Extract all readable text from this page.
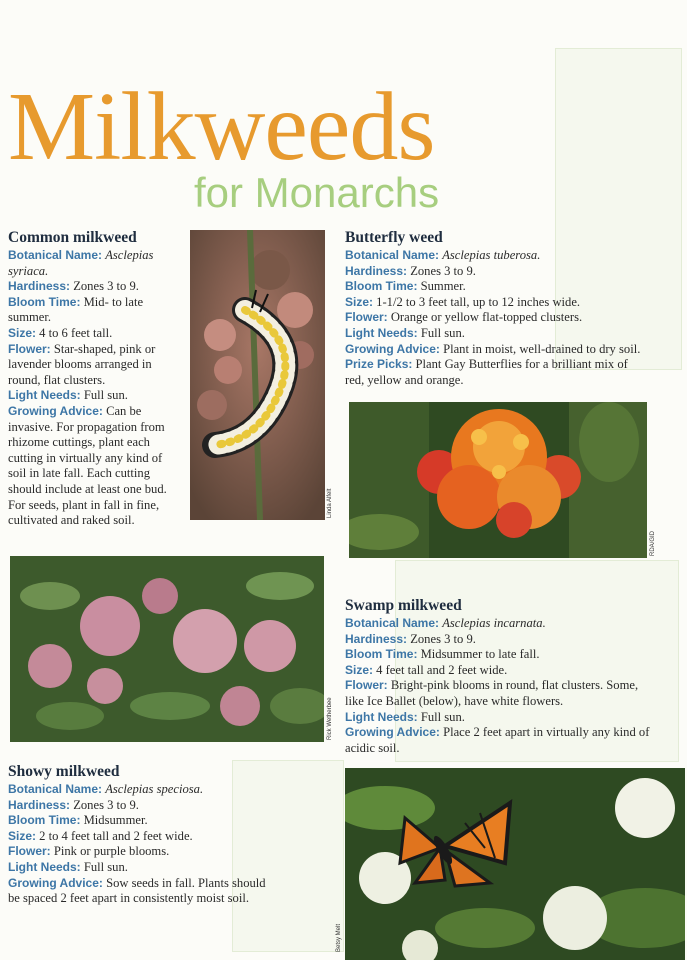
Milkweeds
for Monarchs
Common milkweed

Botanical Name: Asclepias syriaca.

Hardiness: Zones 3 to 9.

Bloom Time: Mid- to late summer.

Size: 4 to 6 feet tall.

Flower: Star-shaped, pink or lavender blooms arranged in round, flat clusters.

Light Needs: Full sun.

Growing Advice: Can be invasive. For propagation from rhizome cuttings, plant each cutting in virtually any kind of soil in late fall. Each cutting should include at least one bud. For seeds, plant in fall in fine, cultivated and raked soil.

Linda Alfelt
Butterfly weed

Botanical Name: Asclepias tuberosa.

Hardiness: Zones 3 to 9.

Bloom Time: Summer.

Size: 1-1/2 to 3 feet tall, up to 12 inches wide.

Flower: Orange or yellow flat-topped clusters.

Light Needs: Full sun.

Growing Advice: Plant in moist, well-drained to dry soil.

Prize Picks: Plant Gay Butterflies for a brilliant mix of red, yellow and orange.

RDA/GID
Rick Wetherbee
Swamp milkweed

Botanical Name: Asclepias incarnata.

Hardiness: Zones 3 to 9.

Bloom Time: Midsummer to late fall.

Size: 4 feet tall and 2 feet wide.

Flower: Bright-pink blooms in round, flat clusters. Some, like Ice Ballet (below), have white flowers.

Light Needs: Full sun.

Growing Advice: Place 2 feet apart in virtually any kind of acidic soil.

Showy milkweed

Botanical Name: Asclepias speciosa.

Hardiness: Zones 3 to 9.

Bloom Time: Midsummer.

Size: 2 to 4 feet tall and 2 feet wide.

Flower: Pink or purple blooms.

Light Needs: Full sun.

Growing Advice: Sow seeds in fall. Plants should be spaced 2 feet apart in consistently moist soil.

Betsy Melt
